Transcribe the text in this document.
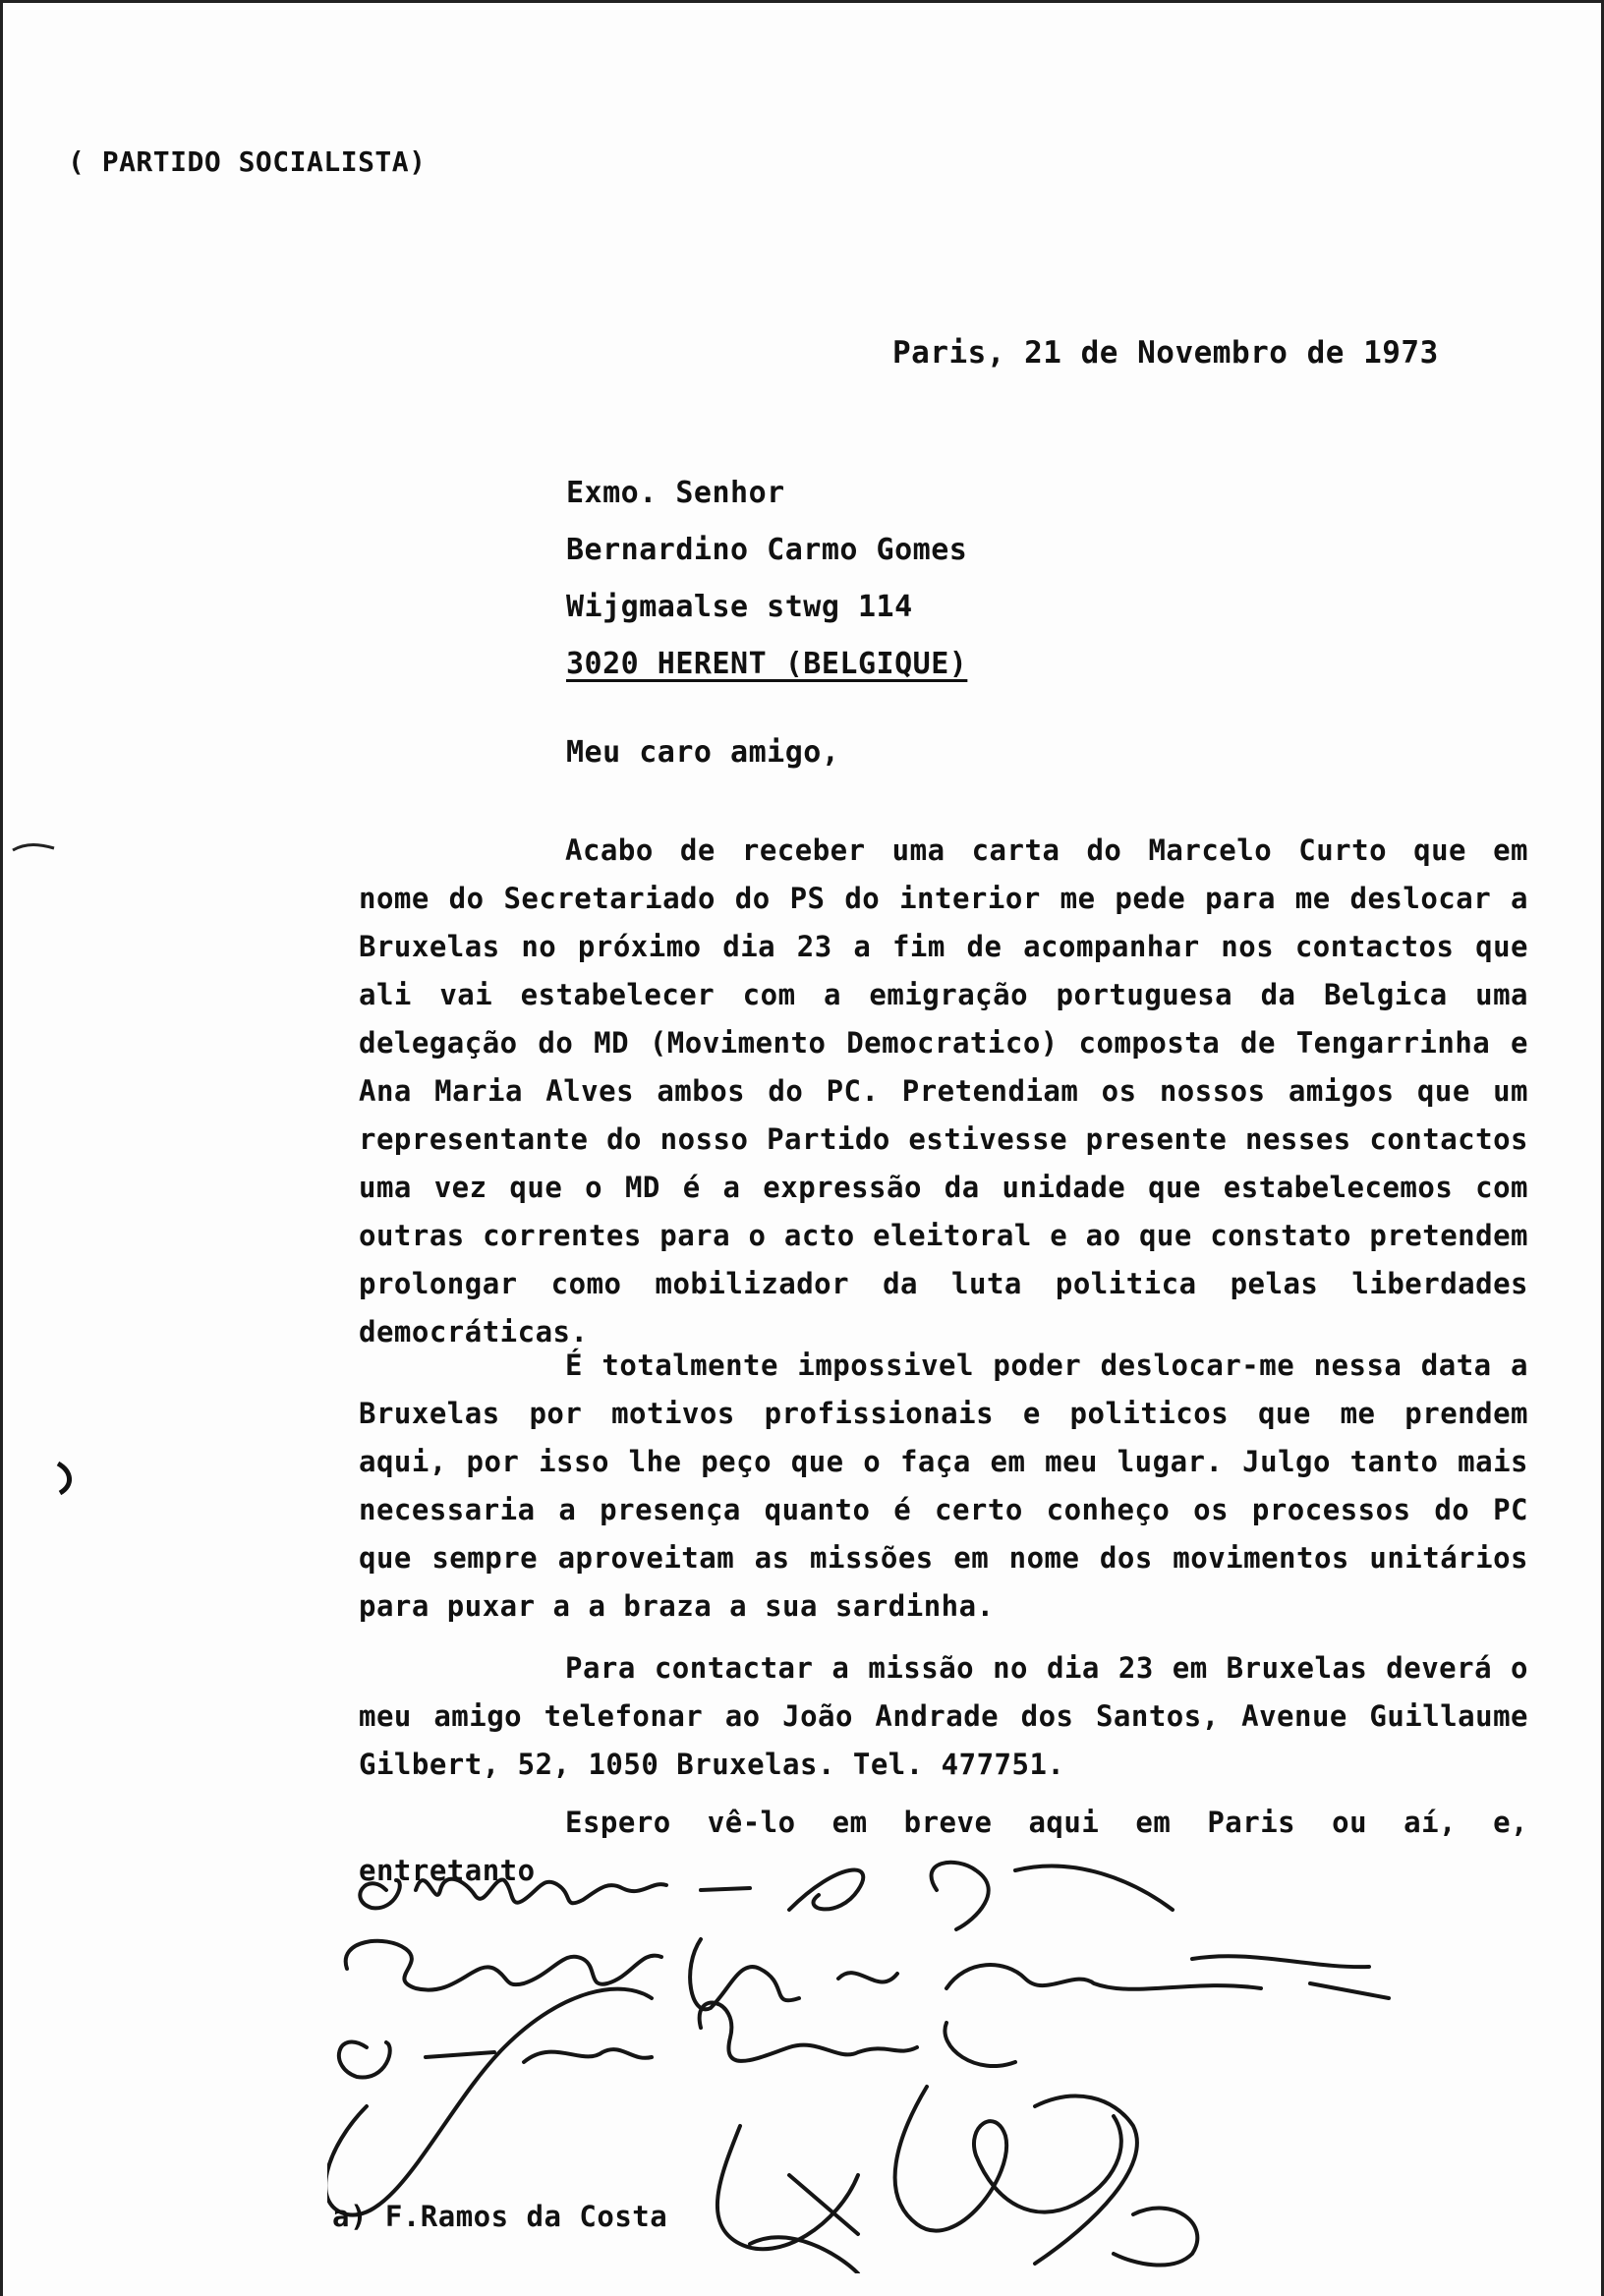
( PARTIDO SOCIALISTA)
Paris, 21 de Novembro de 1973
Exmo. Senhor
Bernardino Carmo Gomes
Wijgmaalse stwg 114
3020 HERENT (BELGIQUE)
Meu caro amigo,
Acabo de receber uma carta do Marcelo Curto que em nome do Secretariado do PS do interior me pede para me deslocar a Bruxelas no próximo dia 23 a fim de acompanhar nos contactos que ali vai estabelecer com a emigração portuguesa da Belgica uma delegação do MD (Movimento Democratico) composta de Tengarrinha e Ana Maria Alves ambos do PC. Pretendiam os nossos amigos que um representante do nosso Partido estivesse presente nesses contactos uma vez que o MD é a expressão da unidade que estabelecemos com outras correntes para o acto eleitoral e ao que constato pretendem prolongar como mobilizador da luta politica pelas liberdades democráticas.
É totalmente impossivel poder deslocar-me nessa data a Bruxelas por motivos profissionais e politicos que me prendem aqui, por isso lhe peço que o faça em meu lugar. Julgo tanto mais necessaria a presença quanto é certo conheço os processos do PC que sempre aproveitam as missões em nome dos movimentos unitários para puxar a a braza a sua sardinha.
Para contactar a missão no dia 23 em Bruxelas deverá o meu amigo telefonar ao João Andrade dos Santos, Avenue Guillaume Gilbert, 52, 1050 Bruxelas. Tel. 477751.
Espero vê-lo em breve aqui em Paris ou aí, e, entretanto
a) F.Ramos da Costa
